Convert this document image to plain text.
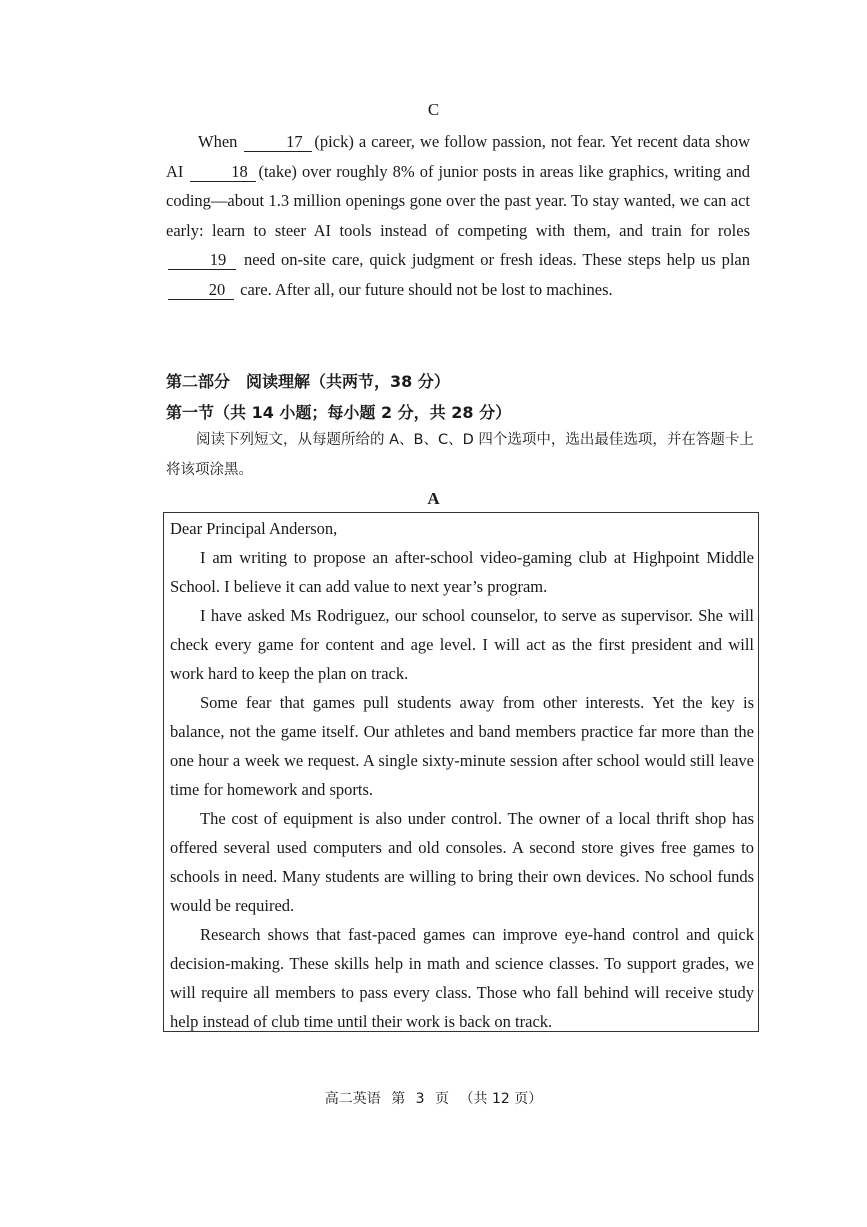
C
When	17 (pick) a career, we follow passion, not fear. Yet recent data show AI	18 (take) over roughly 8% of junior posts in areas like graphics, writing and coding—about 1.3 million openings gone over the past year. To stay wanted, we can act early: learn to steer AI tools instead of competing with them, and train for roles 19 need on-site care, quick judgment or fresh ideas. These steps help us plan 20 care. After all, our future should not be lost to machines.
第二部分　阅读理解（共两节，38 分）
第一节（共 14 小题；每小题 2 分，共 28 分）
阅读下列短文，从每题所给的 A、B、C、D 四个选项中，选出最佳选项，并在答题卡上将该项涂黑。
A

Dear Principal Anderson,

I am writing to propose an after-school video-gaming club at Highpoint Middle School. I believe it can add value to next year’s program.

I have asked Ms Rodriguez, our school counselor, to serve as supervisor. She will check every game for content and age level. I will act as the first president and will work hard to keep the plan on track.

Some fear that games pull students away from other interests. Yet the key is balance, not the game itself. Our athletes and band members practice far more than the one hour a week we request. A single sixty-minute session after school would still leave time for homework and sports.

The cost of equipment is also under control. The owner of a local thrift shop has offered several used computers and old consoles. A second store gives free games to schools in need. Many students are willing to bring their own devices. No school funds would be required.

Research shows that fast-paced games can improve eye-hand control and quick decision-making. These skills help in math and science classes. To support grades, we will require all members to pass every class. Those who fall behind will receive study help instead of club time until their work is back on track.

高二英语 第 3 页 （共 12 页）
